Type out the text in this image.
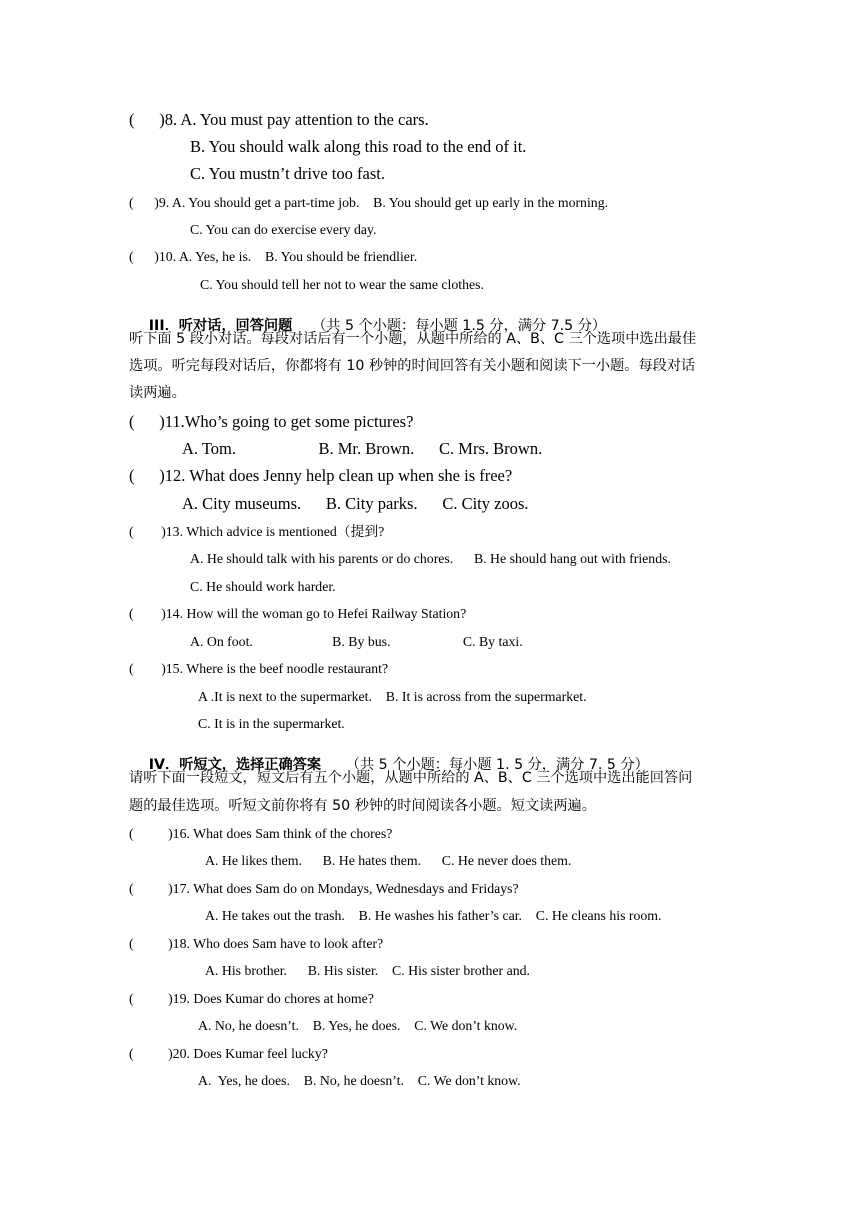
(      )8. A. You must pay attention to the cars.
B. You should walk along this road to the end of it.
C. You mustn’t drive too fast.
(      )9. A. You should get a part-time job.    B. You should get up early in the morning.
C. You can do exercise every day.
(      )10. A. Yes, he is.    B. You should be friendlier.
C. You should tell her not to wear the same clothes.

III．听对话，回答问题 （共 5 个小题：每小题 1.5 分，满分 7.5 分）

听下面 5 段小对话。每段对话后有一个小题，从题中所给的 A、B、C 三个选项中选出最佳
选项。听完每段对话后，你都将有 10 秒钟的时间回答有关小题和阅读下一小题。每段对话
读两遍。
(      )11.Who’s going to get some pictures?
A. Tom.                    B. Mr. Brown.      C. Mrs. Brown.
(      )12. What does Jenny help clean up when she is free?
A. City museums.      B. City parks.      C. City zoos.
(        )13. Which advice is mentioned（提到?
A. He should talk with his parents or do chores.      B. He should hang out with friends.
C. He should work harder.
(        )14. How will the woman go to Hefei Railway Station?
A. On foot.                       B. By bus.                     C. By taxi.
(        )15. Where is the beef noodle restaurant?
A .It is next to the supermarket.    B. It is across from the supermarket.
C. It is in the supermarket.

IV．听短文，选择正确答案 （共 5 个小题：每小题 1. 5 分，满分 7. 5 分）

请听下面一段短文，短文后有五个小题，从题中所给的 A、B、C 三个选项中选出能回答问
题的最佳选项。听短文前你将有 50 秒钟的时间阅读各小题。短文读两遍。
(          )16. What does Sam think of the chores?
A. He likes them.      B. He hates them.      C. He never does them.
(          )17. What does Sam do on Mondays, Wednesdays and Fridays?
A. He takes out the trash.    B. He washes his father’s car.    C. He cleans his room.
(          )18. Who does Sam have to look after?
A. His brother.      B. His sister.    C. His sister brother and.
(          )19. Does Kumar do chores at home?
A. No, he doesn’t.    B. Yes, he does.    C. We don’t know.
(          )20. Does Kumar feel lucky?
A.  Yes, he does.    B. No, he doesn’t.    C. We don’t know.
